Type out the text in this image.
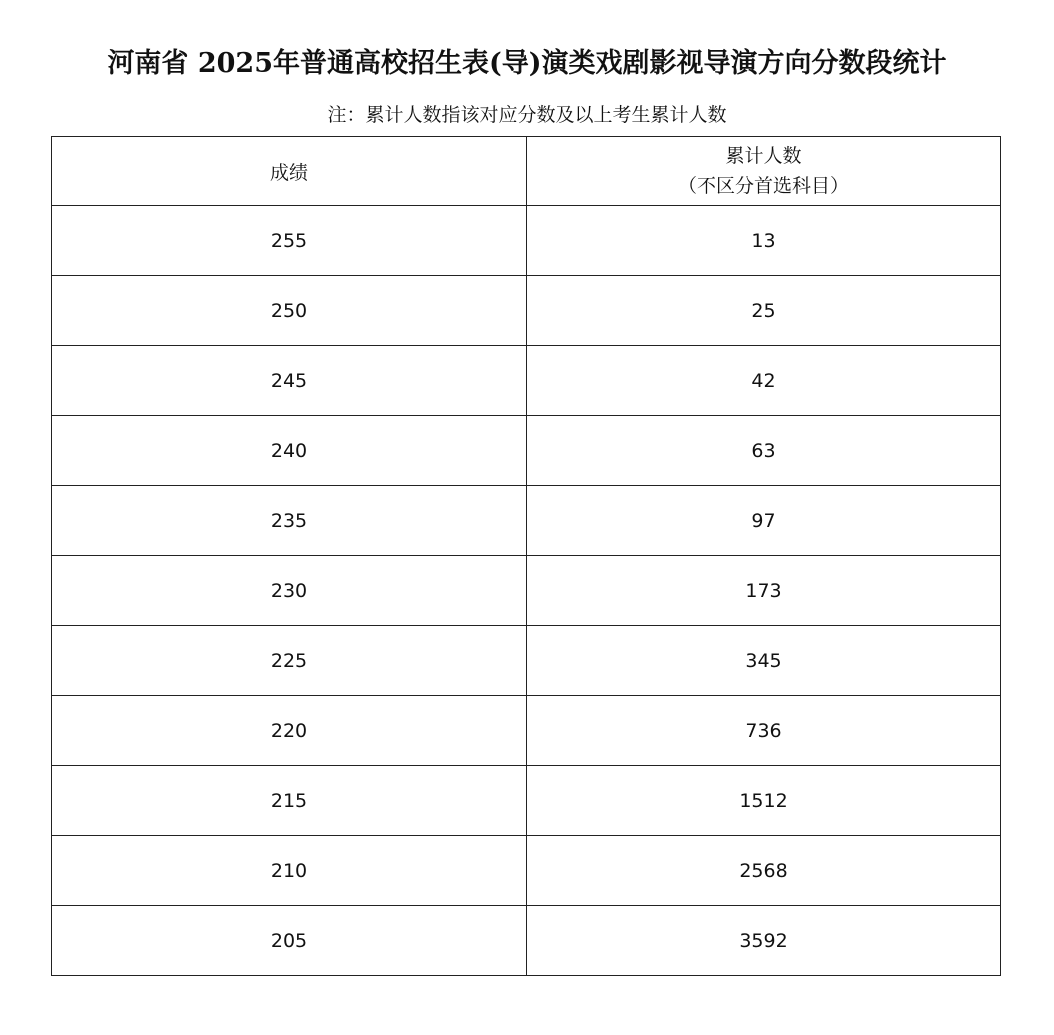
河南省 2025年普通高校招生表(导)演类戏剧影视导演方向分数段统计
注：累计人数指该对应分数及以上考生累计人数
成绩	累计人数
（不区分首选科目）

255	13
250	25
245	42
240	63
235	97
230	173
225	345
220	736
215	1512
210	2568
205	3592
